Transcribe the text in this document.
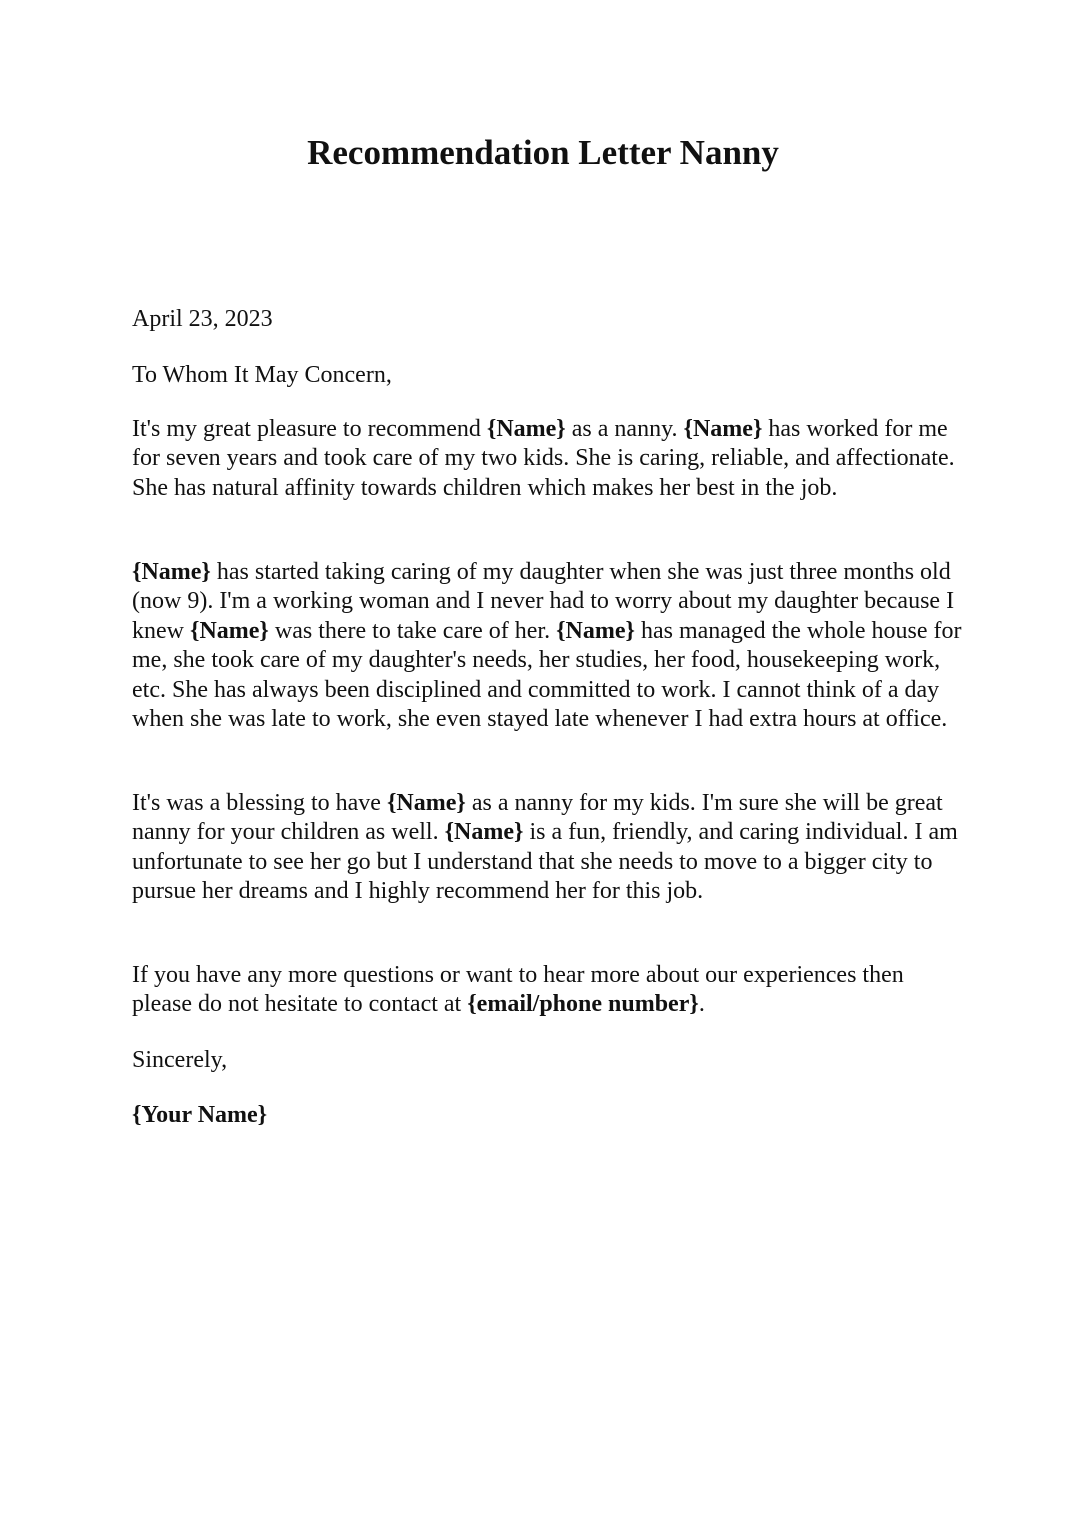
Recommendation Letter Nanny

April 23, 2023

To Whom It May Concern,

It's my great pleasure to recommend {Name} as a nanny. {Name} has worked for me for seven years and took care of my two kids. She is caring, reliable, and affectionate. She has natural affinity towards children which makes her best in the job.

{Name} has started taking caring of my daughter when she was just three months old (now 9). I'm a working woman and I never had to worry about my daughter because I knew {Name} was there to take care of her. {Name} has managed the whole house for me, she took care of my daughter's needs, her studies, her food, housekeeping work, etc. She has always been disciplined and committed to work. I cannot think of a day when she was late to work, she even stayed late whenever I had extra hours at office.

It's was a blessing to have {Name} as a nanny for my kids. I'm sure she will be great nanny for your children as well. {Name} is a fun, friendly, and caring individual. I am unfortunate to see her go but I understand that she needs to move to a bigger city to pursue her dreams and I highly recommend her for this job.

If you have any more questions or want to hear more about our experiences then please do not hesitate to contact at {email/phone number}.

Sincerely,

{Your Name}
